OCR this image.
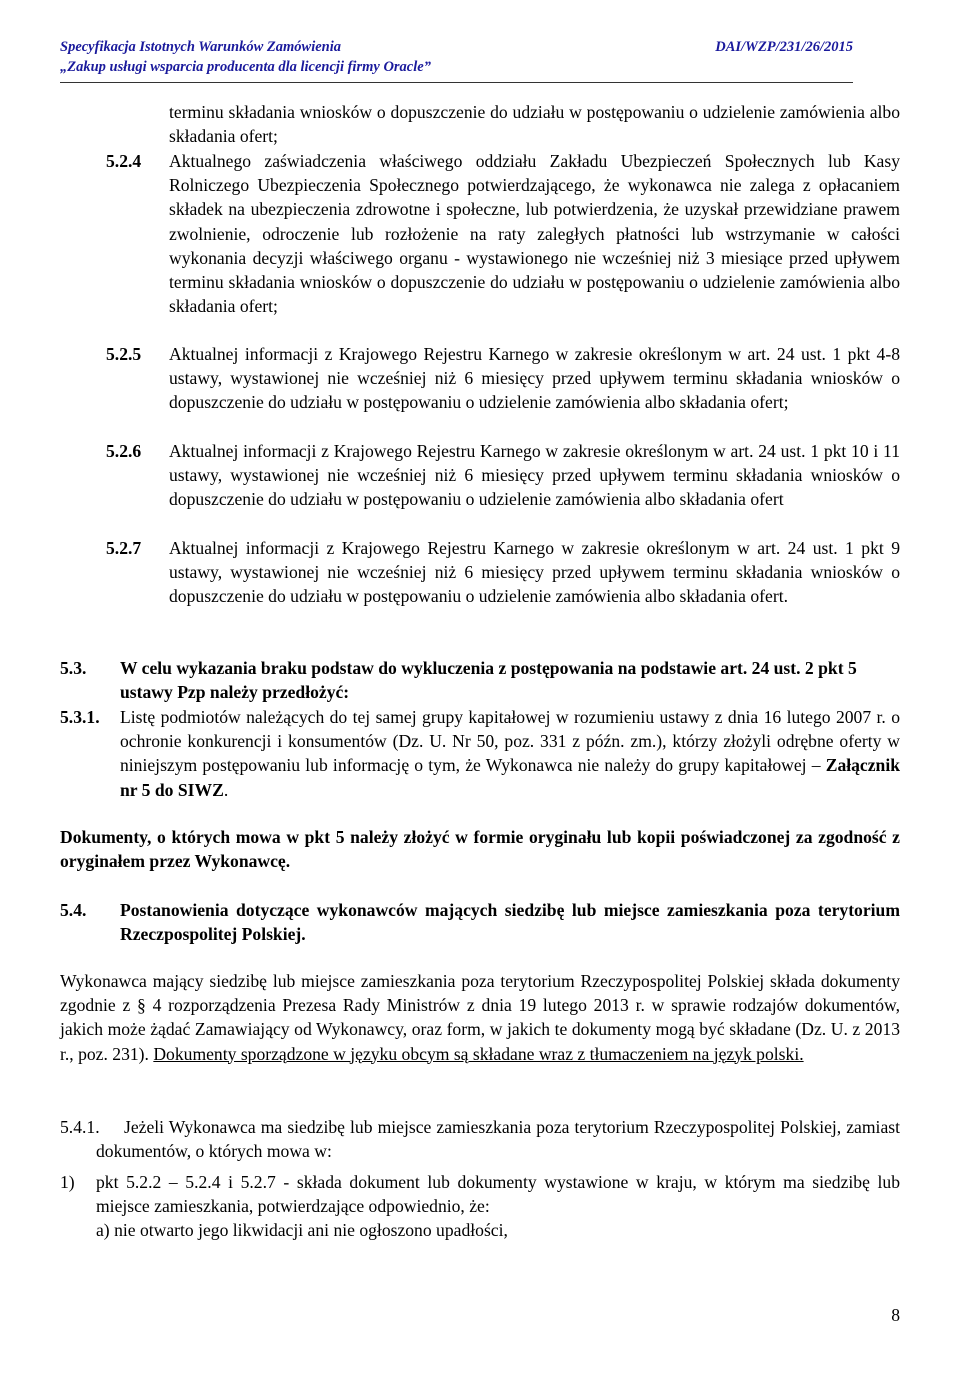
Specyfikacja Istotnych Warunków Zamówienia
„Zakup usługi wsparcia producenta dla licencji firmy Oracle”
DAI/WZP/231/26/2015
terminu składania wniosków o dopuszczenie do udziału w postępowaniu o udzielenie zamówienia albo składania ofert;
5.2.4 Aktualnego zaświadczenia właściwego oddziału Zakładu Ubezpieczeń Społecznych lub Kasy Rolniczego Ubezpieczenia Społecznego potwierdzającego, że wykonawca nie zalega z opłacaniem składek na ubezpieczenia zdrowotne i społeczne, lub potwierdzenia, że uzyskał przewidziane prawem zwolnienie, odroczenie lub rozłożenie na raty zaległych płatności lub wstrzymanie w całości wykonania decyzji właściwego organu - wystawionego nie wcześniej niż 3 miesiące przed upływem terminu składania wniosków o dopuszczenie do udziału w postępowaniu o udzielenie zamówienia albo składania ofert;
5.2.5 Aktualnej informacji z Krajowego Rejestru Karnego w zakresie określonym w art. 24 ust. 1 pkt 4-8 ustawy, wystawionej nie wcześniej niż 6 miesięcy przed upływem terminu składania wniosków o dopuszczenie do udziału w postępowaniu o udzielenie zamówienia albo składania ofert;
5.2.6 Aktualnej informacji z Krajowego Rejestru Karnego w zakresie określonym w art. 24 ust. 1 pkt 10 i 11 ustawy, wystawionej nie wcześniej niż 6 miesięcy przed upływem terminu składania wniosków o dopuszczenie do udziału w postępowaniu o udzielenie zamówienia albo składania ofert
5.2.7 Aktualnej informacji z Krajowego Rejestru Karnego w zakresie określonym w art. 24 ust. 1 pkt 9 ustawy, wystawionej nie wcześniej niż 6 miesięcy przed upływem terminu składania wniosków o dopuszczenie do udziału w postępowaniu o udzielenie zamówienia albo składania ofert.
5.3. W celu wykazania braku podstaw do wykluczenia z postępowania na podstawie art. 24 ust. 2 pkt 5 ustawy Pzp należy przedłożyć:
5.3.1. Listę podmiotów należących do tej samej grupy kapitałowej w rozumieniu ustawy z dnia 16 lutego 2007 r. o ochronie konkurencji i konsumentów (Dz. U. Nr 50, poz. 331 z późn. zm.), którzy złożyli odrębne oferty w niniejszym postępowaniu lub informację o tym, że Wykonawca nie należy do grupy kapitałowej – Załącznik nr 5 do SIWZ.
Dokumenty, o których mowa w pkt 5 należy złożyć w formie oryginału lub kopii poświadczonej za zgodność z oryginałem przez Wykonawcę.
5.4. Postanowienia dotyczące wykonawców mających siedzibę lub miejsce zamieszkania poza terytorium Rzeczpospolitej Polskiej.
Wykonawca mający siedzibę lub miejsce zamieszkania poza terytorium Rzeczypospolitej Polskiej składa dokumenty zgodnie z § 4 rozporządzenia Prezesa Rady Ministrów z dnia 19 lutego 2013 r. w sprawie rodzajów dokumentów, jakich może żądać Zamawiający od Wykonawcy, oraz form, w jakich te dokumenty mogą być składane (Dz. U. z 2013 r., poz. 231). Dokumenty sporządzone w języku obcym są składane wraz z tłumaczeniem na język polski.
5.4.1.	Jeżeli Wykonawca ma siedzibę lub miejsce zamieszkania poza terytorium Rzeczypospolitej Polskiej, zamiast dokumentów, o których mowa w:
1) pkt 5.2.2 – 5.2.4 i 5.2.7 - składa dokument lub dokumenty wystawione w kraju, w którym ma siedzibę lub miejsce zamieszkania, potwierdzające odpowiednio, że:
a) nie otwarto jego likwidacji ani nie ogłoszono upadłości,
8
